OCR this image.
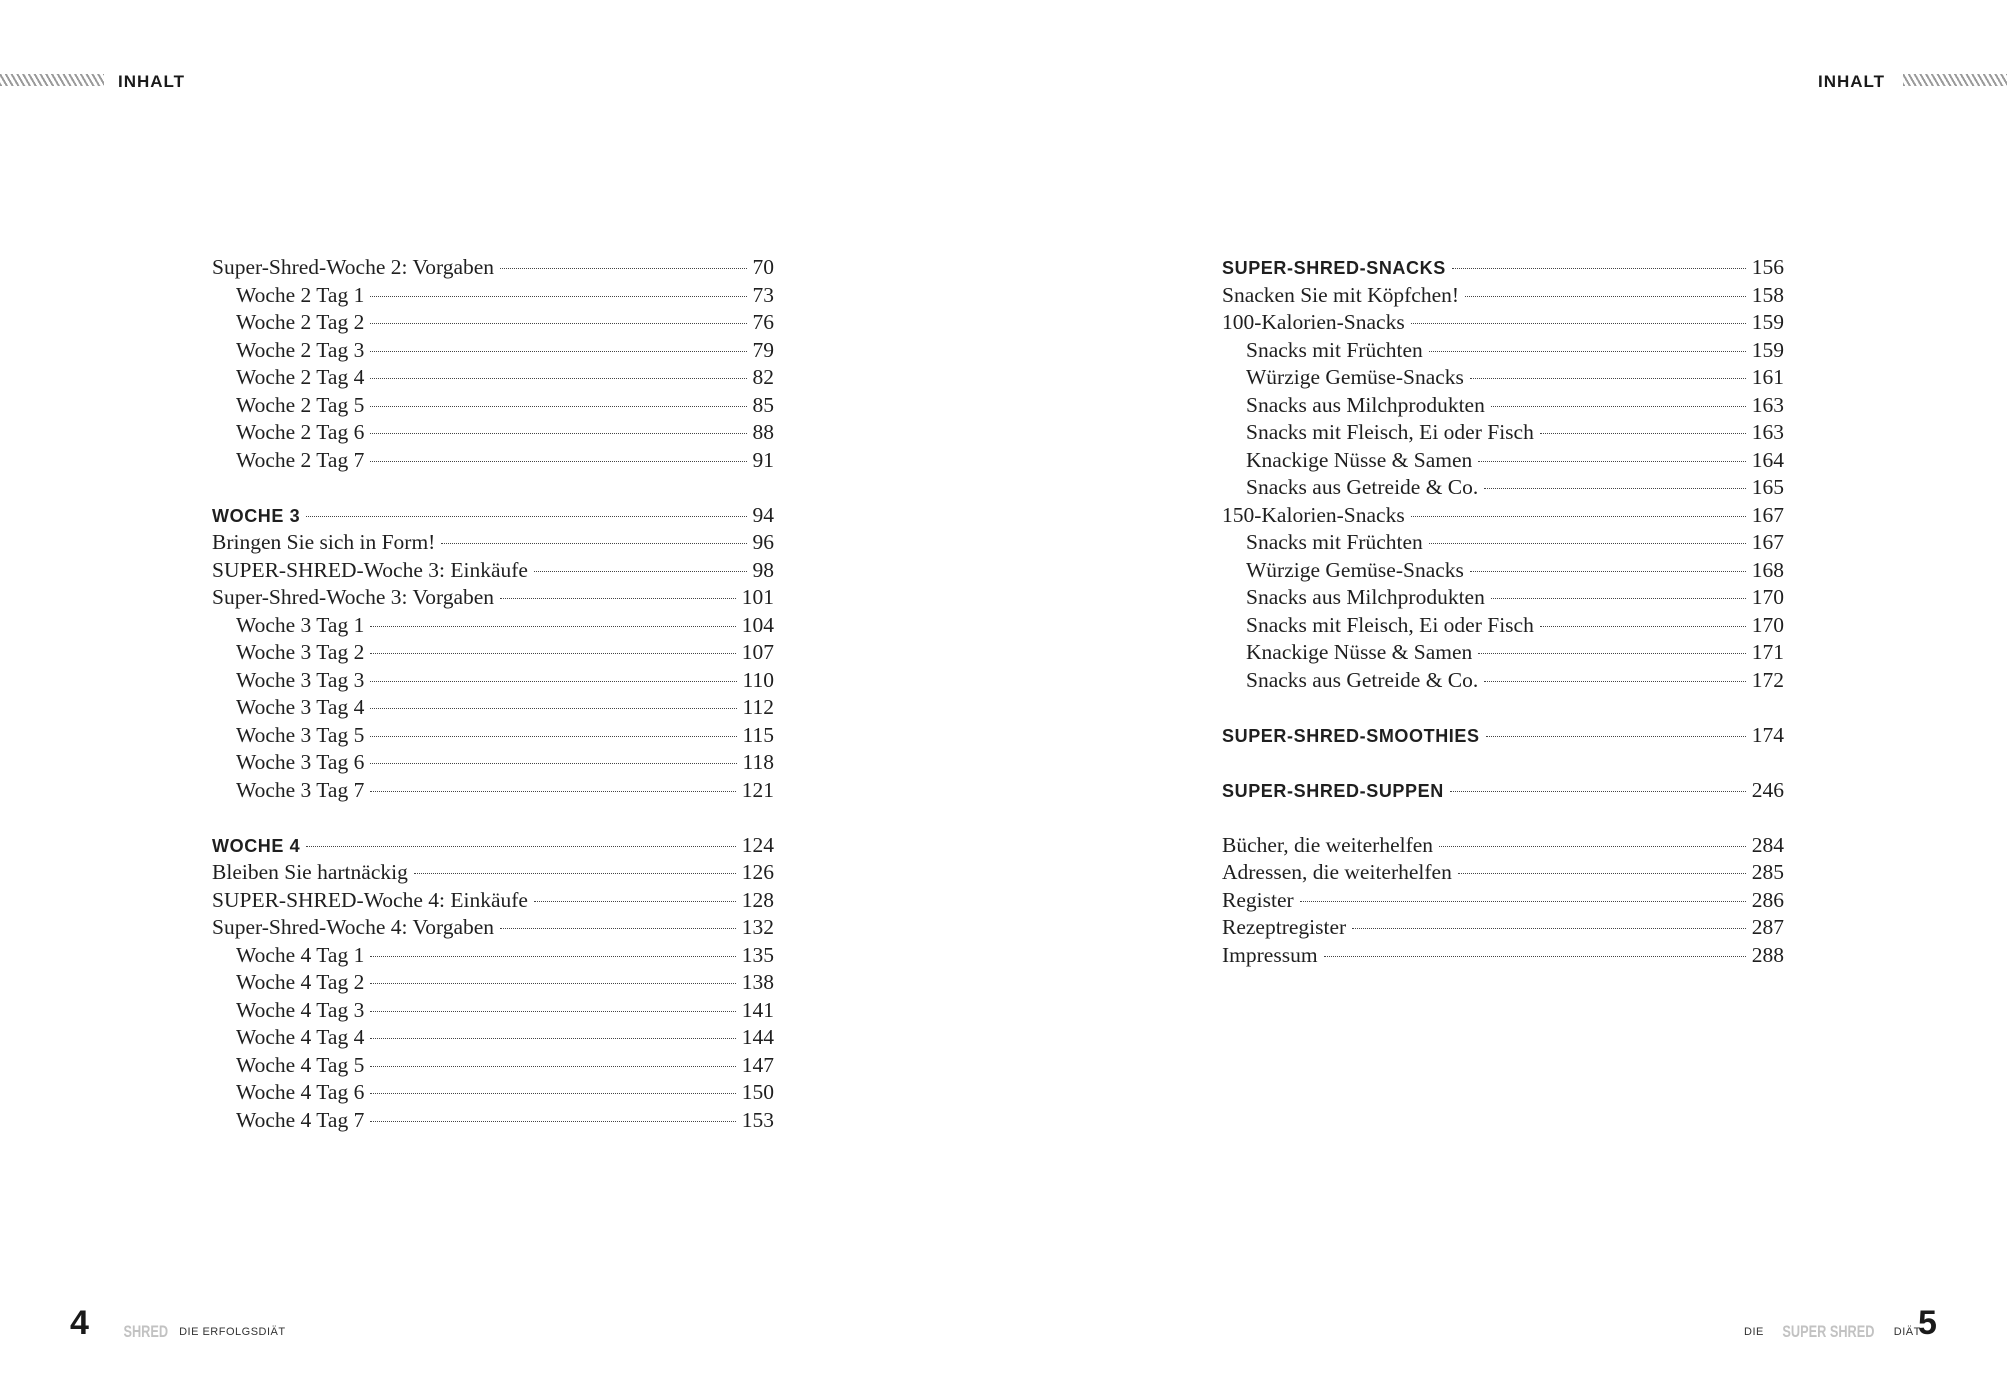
INHALT	INHALT
Super-Shred-Woche 2: Vorgaben	70
Woche 2 Tag 1	73
Woche 2 Tag 2	76
Woche 2 Tag 3	79
Woche 2 Tag 4	82
Woche 2 Tag 5	85
Woche 2 Tag 6	88
Woche 2 Tag 7	91
WOCHE 3	94
Bringen Sie sich in Form!	96
SUPER-SHRED-Woche 3: Einkäufe	98
Super-Shred-Woche 3: Vorgaben	101
Woche 3 Tag 1	104
Woche 3 Tag 2	107
Woche 3 Tag 3	110
Woche 3 Tag 4	112
Woche 3 Tag 5	115
Woche 3 Tag 6	118
Woche 3 Tag 7	121
WOCHE 4	124
Bleiben Sie hartnäckig	126
SUPER-SHRED-Woche 4: Einkäufe	128
Super-Shred-Woche 4: Vorgaben	132
Woche 4 Tag 1	135
Woche 4 Tag 2	138
Woche 4 Tag 3	141
Woche 4 Tag 4	144
Woche 4 Tag 5	147
Woche 4 Tag 6	150
Woche 4 Tag 7	153
SUPER-SHRED-SNACKS	156
Snacken Sie mit Köpfchen!	158
100-Kalorien-Snacks	159
Snacks mit Früchten	159
Würzige Gemüse-Snacks	161
Snacks aus Milchprodukten	163
Snacks mit Fleisch, Ei oder Fisch	163
Knackige Nüsse & Samen	164
Snacks aus Getreide & Co.	165
150-Kalorien-Snacks	167
Snacks mit Früchten	167
Würzige Gemüse-Snacks	168
Snacks aus Milchprodukten	170
Snacks mit Fleisch, Ei oder Fisch	170
Knackige Nüsse & Samen	171
Snacks aus Getreide & Co.	172
SUPER-SHRED-SMOOTHIES	174
SUPER-SHRED-SUPPEN	246
Bücher, die weiterhelfen	284
Adressen, die weiterhelfen	285
Register	286
Rezeptregister	287
Impressum	288
4	SHRED DIE ERFOLGSDIÄT	DIE SUPER SHRED DIÄT
5
